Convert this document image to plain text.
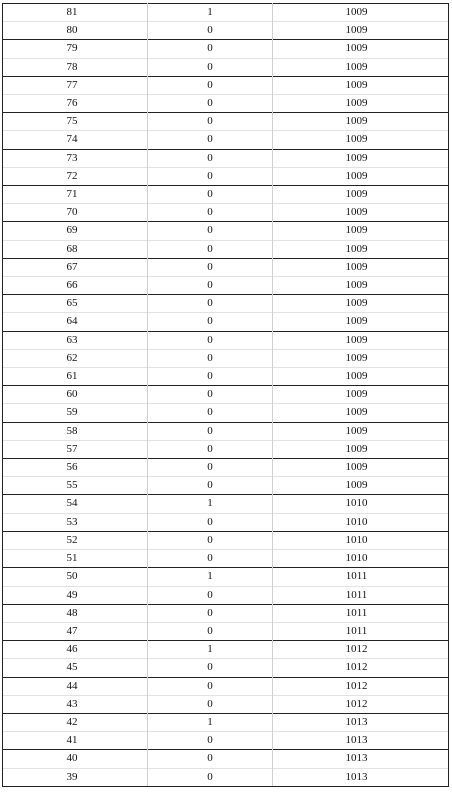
81	1	1009
80	0	1009
79	0	1009
78	0	1009
77	0	1009
76	0	1009
75	0	1009
74	0	1009
73	0	1009
72	0	1009
71	0	1009
70	0	1009
69	0	1009
68	0	1009
67	0	1009
66	0	1009
65	0	1009
64	0	1009
63	0	1009
62	0	1009
61	0	1009
60	0	1009
59	0	1009
58	0	1009
57	0	1009
56	0	1009
55	0	1009
54	1	1010
53	0	1010
52	0	1010
51	0	1010
50	1	1011
49	0	1011
48	0	1011
47	0	1011
46	1	1012
45	0	1012
44	0	1012
43	0	1012
42	1	1013
41	0	1013
40	0	1013
39	0	1013
